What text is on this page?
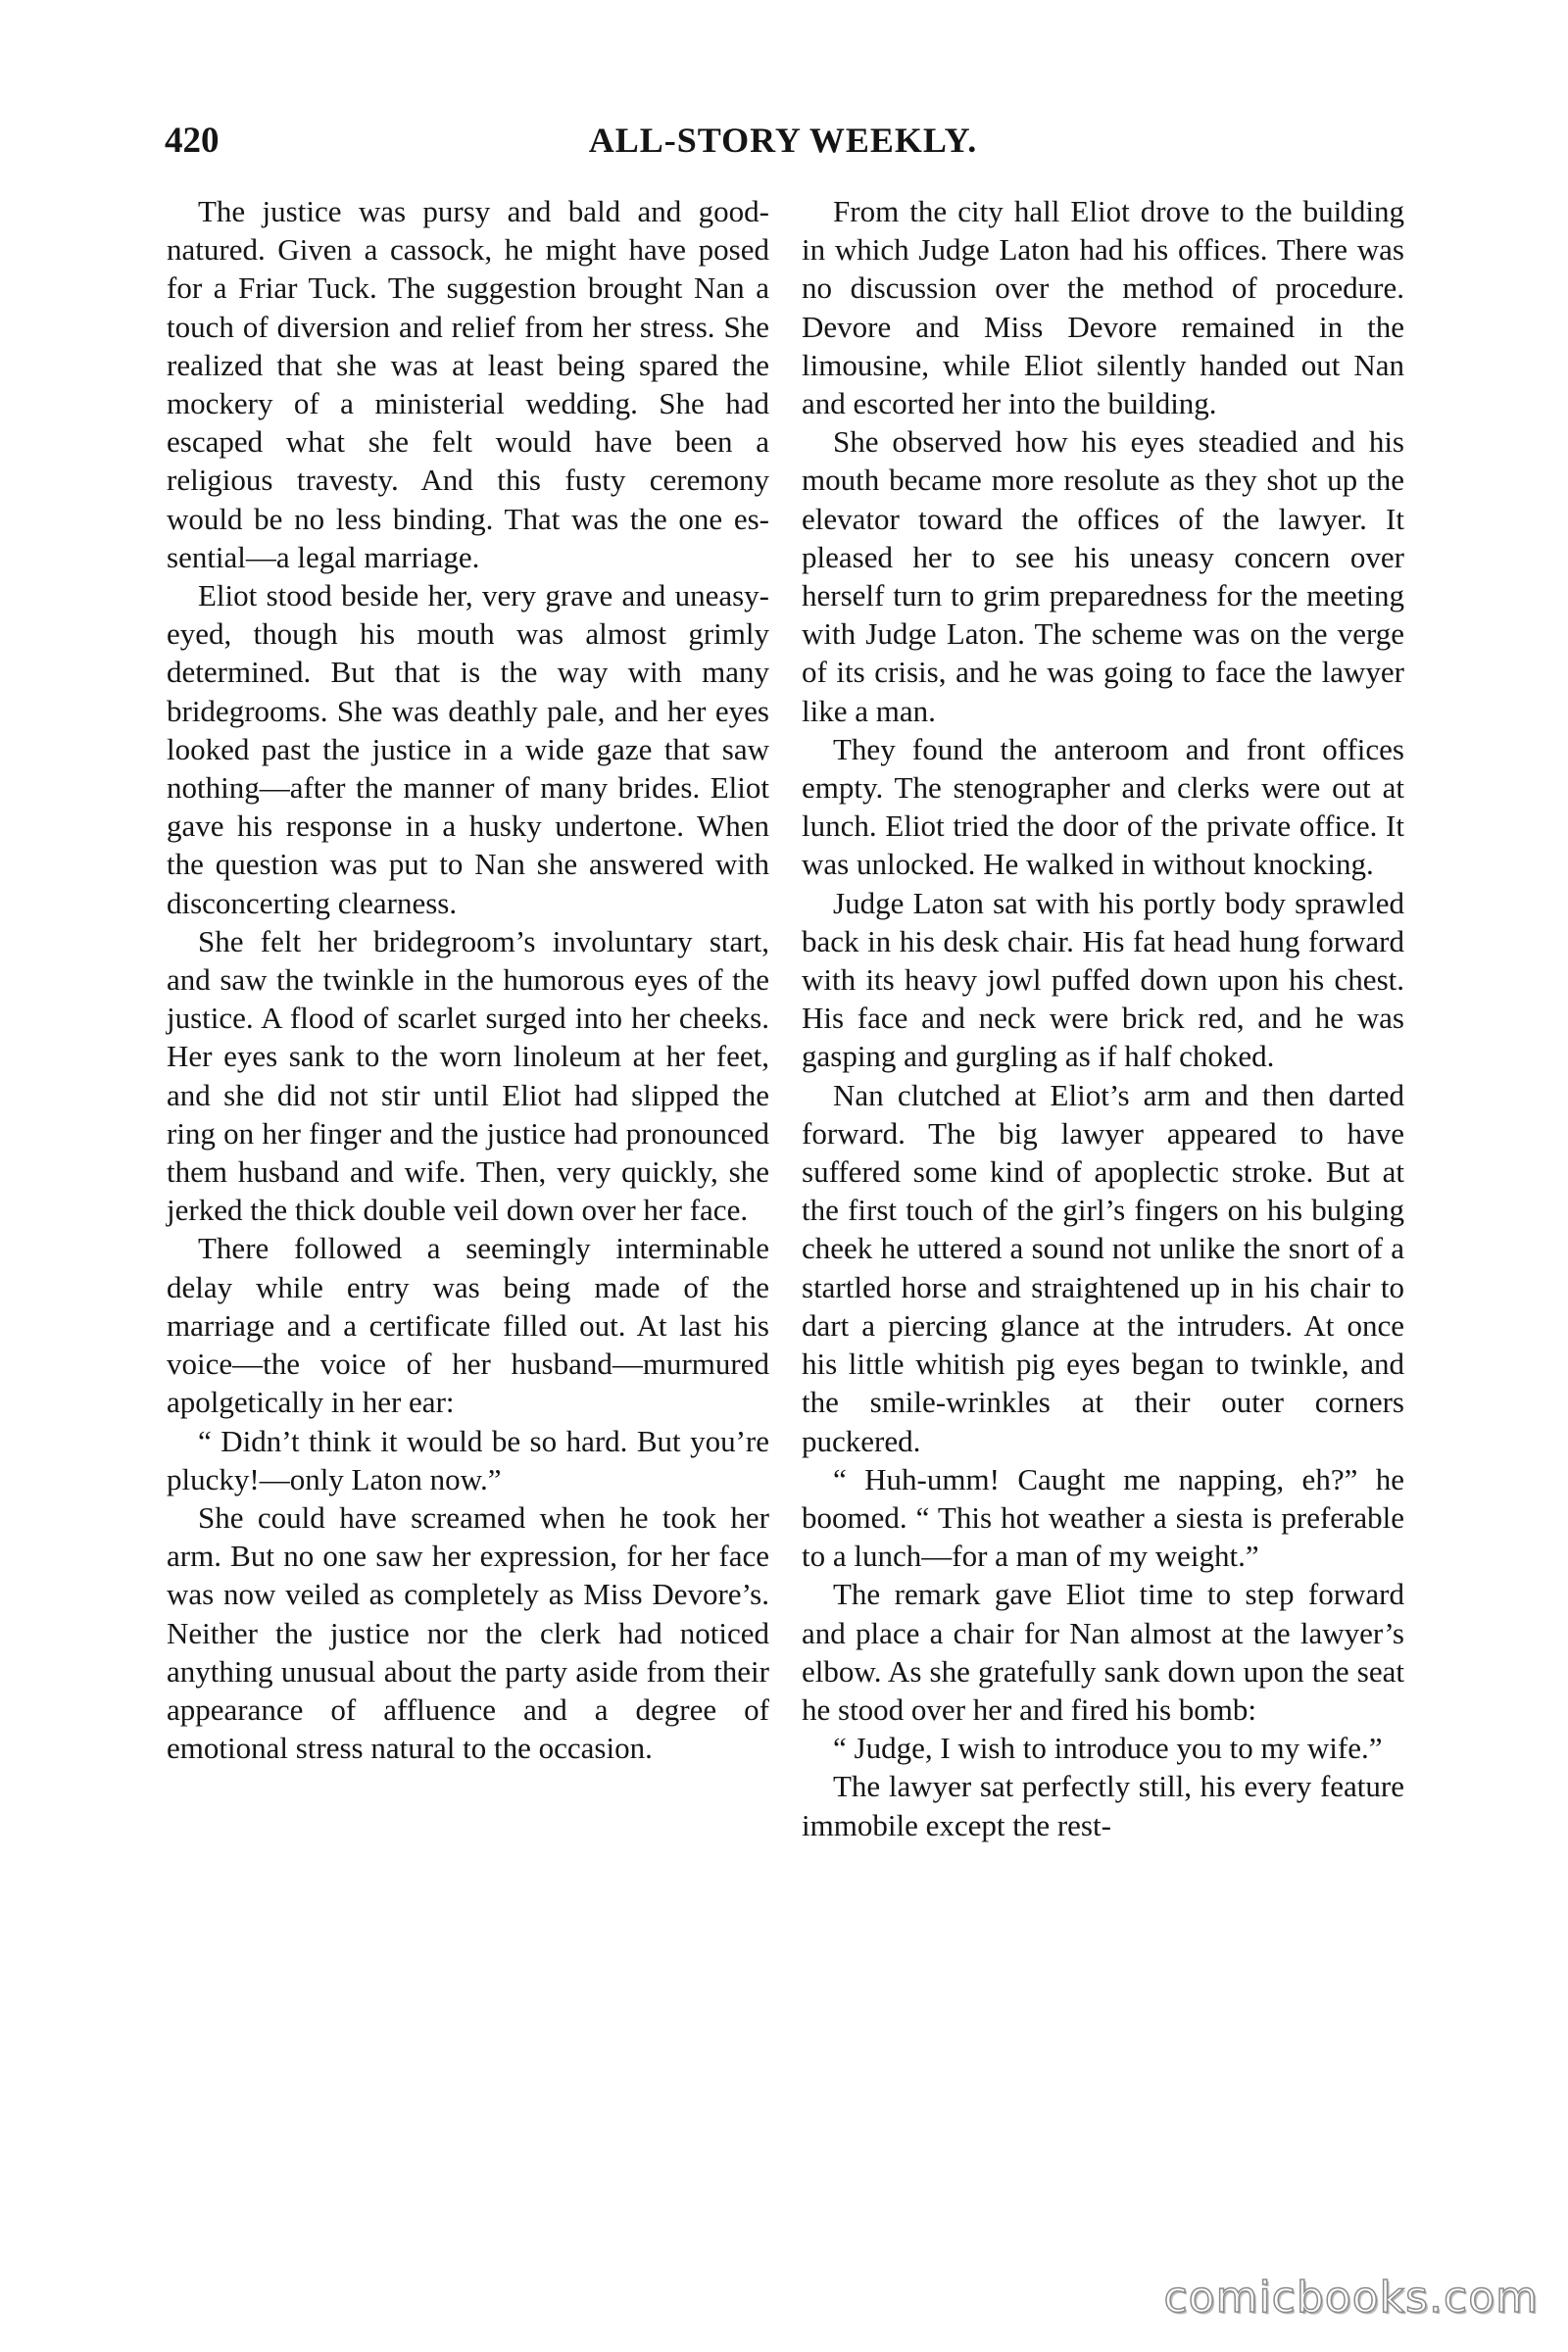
420	ALL-STORY WEEKLY.

The justice was pursy and bald and good-natured. Given a cassock, he might have posed for a Friar Tuck. The suggestion brought Nan a touch of diversion and relief from her stress. She realized that she was at least being spared the mockery of a ministerial wedding. She had escaped what she felt would have been a religious travesty. And this fusty ceremony would be no less binding. That was the one essential—a legal marriage.

Eliot stood beside her, very grave and uneasy-eyed, though his mouth was almost grimly determined. But that is the way with many bridegrooms. She was deathly pale, and her eyes looked past the justice in a wide gaze that saw nothing—after the manner of many brides. Eliot gave his response in a husky undertone. When the question was put to Nan she answered with disconcerting clearness.

She felt her bridegroom’s involuntary start, and saw the twinkle in the humorous eyes of the justice. A flood of scarlet surged into her cheeks. Her eyes sank to the worn linoleum at her feet, and she did not stir until Eliot had slipped the ring on her finger and the justice had pronounced them husband and wife. Then, very quickly, she jerked the thick double veil down over her face.

There followed a seemingly interminable delay while entry was being made of the marriage and a certificate filled out. At last his voice—the voice of her husband—murmured apolgetically in her ear:

“ Didn’t think it would be so hard. But you’re plucky!—only Laton now.”

She could have screamed when he took her arm. But no one saw her expression, for her face was now veiled as completely as Miss Devore’s. Neither the justice nor the clerk had noticed anything unusual about the party aside from their appearance of affluence and a degree of emotional stress natural to the occasion.

From the city hall Eliot drove to the building in which Judge Laton had his offices. There was no discussion over the method of procedure. Devore and Miss Devore remained in the limousine, while Eliot silently handed out Nan and escorted her into the building.

She observed how his eyes steadied and his mouth became more resolute as they shot up the elevator toward the offices of the lawyer. It pleased her to see his uneasy concern over herself turn to grim preparedness for the meeting with Judge Laton. The scheme was on the verge of its crisis, and he was going to face the lawyer like a man.

They found the anteroom and front offices empty. The stenographer and clerks were out at lunch. Eliot tried the door of the private office. It was unlocked. He walked in without knocking.

Judge Laton sat with his portly body sprawled back in his desk chair. His fat head hung forward with its heavy jowl puffed down upon his chest. His face and neck were brick red, and he was gasping and gurgling as if half choked.

Nan clutched at Eliot’s arm and then darted forward. The big lawyer appeared to have suffered some kind of apoplectic stroke. But at the first touch of the girl’s fingers on his bulging cheek he uttered a sound not unlike the snort of a startled horse and straightened up in his chair to dart a piercing glance at the intruders. At once his little whitish pig eyes began to twinkle, and the smile-wrinkles at their outer corners puckered.

“ Huh-umm! Caught me napping, eh?” he boomed. “ This hot weather a siesta is preferable to a lunch—for a man of my weight.”

The remark gave Eliot time to step forward and place a chair for Nan almost at the lawyer’s elbow. As she gratefully sank down upon the seat he stood over her and fired his bomb:

“ Judge, I wish to introduce you to my wife.”

The lawyer sat perfectly still, his every feature immobile except the rest-

comicbooks.com
